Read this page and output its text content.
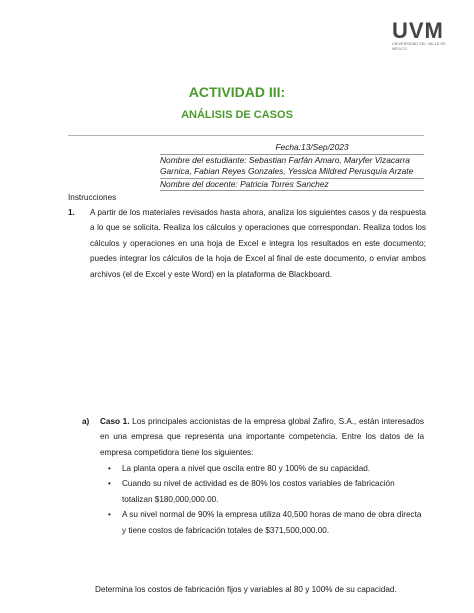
UVM
UNIVERSIDAD DEL VALLE DE MÉXICO
ACTIVIDAD III:
ANÁLISIS DE CASOS
Fecha:13/Sep/2023
Nombre del estudiante: Sebastian Farfán Amaro, Maryfer Vizacarra
Garnica, Fabian Reyes Gonzales, Yessica Mildred Perusquía Arzate
Nombre del docente: Patricia Torres Sanchez
Instrucciones
1.	A partir de los materiales revisados hasta ahora, analiza los siguientes casos y da respuesta a lo que se solicita. Realiza los cálculos y operaciones que correspondan. Realiza todos los cálculos y operaciones en una hoja de Excel e integra los resultados en este documento; puedes integrar los cálculos de la hoja de Excel al final de este documento, o enviar ambos archivos (el de Excel y este Word) en la plataforma de Blackboard.
a)	Caso 1. Los principales accionistas de la empresa global Zafiro, S.A., están interesados en una empresa que representa una importante competencia. Entre los datos de la empresa competidora tiene los siguientes:
•	La planta opera a nivel que oscila entre 80 y 100% de su capacidad.
•	Cuando su nivel de actividad es de 80% los costos variables de fabricación totalizan $180,000,000.00.
•	A su nivel normal de 90% la empresa utiliza 40,500 horas de mano de obra directa y tiene costos de fabricación totales de $371,500,000.00.
Determina los costos de fabricación fijos y variables al 80 y 100% de su capacidad.
